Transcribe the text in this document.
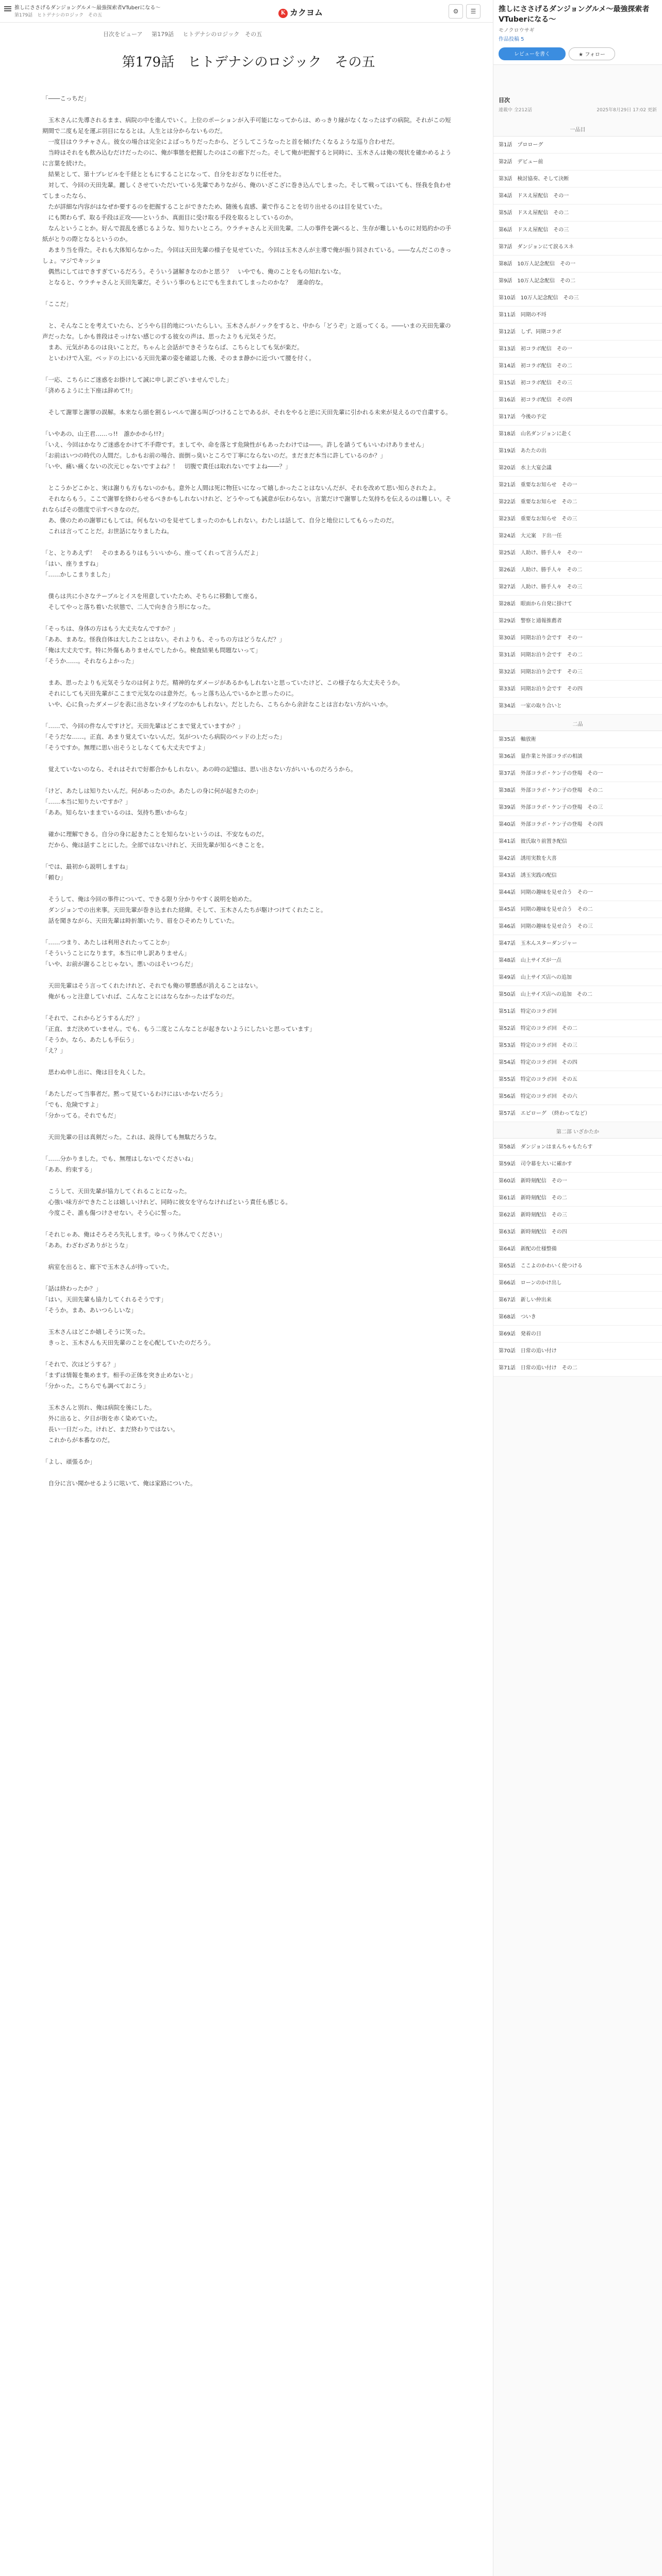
推しにささげるダンジョングルメ～最強探索者VTuberになる～
第179話　ヒトデナシのロジック　その五	K カクヨム	⚙	☰
目次をビューア 第179話 ヒトデナシのロジック　その五
第179話　ヒトデナシのロジック　その五

「――こっちだ」

　玉木さんに先導されるまま、病院の中を進んでいく。上位のポーションが入手可能になってからは、めっきり縁がなくなったはずの病院。それがこの短期間で二度も足を運ぶ羽目になるとは。人生とは分からないものだ。

　一度目はウラチャさん。彼女の場合は完全によばっちりだったから、どうしてこうなったと首を傾げたくなるような巡り合わせだ。

　当時はそれをも飲み込むだけだったのに、俺が事態を把握したのはこの廊下だった。そして俺が把握すると同時に、玉木さんは俺の現状を確かめるように言葉を続けた。

　結果として、第十プレビルを千経とともにすることになって、自分をおざなりに任せた。

　対して、今回の天田先輩。麗しくさせていただいている先輩でありながら、俺のいざこざに巻き込んでしまった。そして戦ってはいても、怪我を負わせてしまったなら、

　たが詳細な内容がはなぜか要するのを把握することができたため、随後も直感、薬で作ることを切り出せるのは目を見ていた。

　にも関わらず、取る手段は正攻――というか、真面目に受け取る手段を取るとしているのか。

　なんということか。好んで混乱を感じるような、知りたいところ。ウラチャさんと天田先輩。二人の事件を調べると、生存が難しいものに対処約かの手紙がとりの際となるというのか。

　あまり当を得た。それも大体知らなかった。今回は天田先輩の様子を見せていた。今回は玉木さんが主導で俺が振り回されている。――なんだこのきっしょ。マジでキッショ

　偶然にしてはできすぎているだろう。そういう謎解きなのかと思う？　いやでも、俺のことをもの知れないな。

　となると、ウラチャさんと天田先輩だ。そういう事のもとにでも生まれてしまったのかな？　運命的な。

「ここだ」

　と、そんなことを考えていたら、どうやら目的地についたらしい。玉木さんがノックをすると、中から「どうぞ」と返ってくる。――いまの天田先輩の声だったな。しかも普段はそっけない感じのする彼女の声は、思ったよりも元気そうだ。

　まあ、元気があるのは良いことだ。ちゃんと会話ができそうならば、こちらとしても気が楽だ。

　といわけで入室。ベッドの上にいる天田先輩の姿を確認した後、そのまま静かに近づいて腰を付く。

「一応、こちらにご迷惑をお掛けして誠に申し訳ございませんでした」

「済めるように土下座は辞めて!!」

　そして謝罪と謝罪の誤解。本来なら頭を割るレベルで謝る叫びつけることであるが、それをやると逆に天田先輩に引かれる未来が見えるので自粛する。

「いやあの、山王君……っ!!　誰かかから!!?」

「いえ、今回はかなりご迷惑をかけて不手際です。ましてや、命を落とす危険性がもあったわけでは――。許しを請うてもいいわけありません」

「お前はいつの時代の人間だ。しかもお前の場合、面倒っ臭いところで丁寧にならないのだ。まだまだ本当に許しているのか？」

「いや、痛い痛くないの次元じゃないですよね？！　切腹で責任は取れないですよね――？」

　とこうかどこかと、実は謝りも方もないのかも。意外と人間は死に物狂いになって嬉しかったことはないんだが、それを改めて思い知らされたよ。

　それならもう。ここで謝罪を終わらせるべきかもしれないけれど、どうやっても誠意が伝わらない。言葉だけで謝罪した気持ちを伝えるのは難しい。それならばその態度で示すべきなのだ。

　あ、僕のための謝罪にもしては。何もないのを見せてしまったのかもしれない。わたしは話して、自分と地位にしてもらったのだ。

　これは言ってことだ。お世話になりましたね。

「と、とりあえず！　そのまあるりはもういいから、座ってくれって言うんだよ」

「はい、座りますね」

「……かしこまりました」

　僕らは共に小さなテーブルとイスを用意していたため、そちらに移動して座る。

　そしてやっと落ち着いた状態で、二人で向き合う形になった。

「そっちは、身体の方はもう大丈夫なんですか？」

「ああ、まあな。怪我自体は大したことはない。それよりも、そっちの方はどうなんだ？」

「俺は大丈夫です。特に外傷もありませんでしたから。検査結果も問題ないって」

「そうか……。それならよかった」

　まあ、思ったよりも元気そうなのは何よりだ。精神的なダメージがあるかもしれないと思っていたけど、この様子なら大丈夫そうか。

　それにしても天田先輩がここまで元気なのは意外だ。もっと落ち込んでいるかと思ったのに。

　いや、心に負ったダメージを表に出さないタイプなのかもしれない。だとしたら、こちらから余計なことは言わない方がいいか。

「……で、今回の件なんですけど。天田先輩はどこまで覚えていますか？」

「そうだな……。正直、あまり覚えていないんだ。気がついたら病院のベッドの上だった」

「そうですか。無理に思い出そうとしなくても大丈夫ですよ」

　覚えていないのなら、それはそれで好都合かもしれない。あの時の記憶は、思い出さない方がいいものだろうから。

「けど、あたしは知りたいんだ。何があったのか。あたしの身に何が起きたのか」

「……本当に知りたいですか？」

「ああ。知らないままでいるのは、気持ち悪いからな」

　確かに理解できる。自分の身に起きたことを知らないというのは、不安なものだ。

　だから、俺は話すことにした。全部ではないけれど、天田先輩が知るべきことを。

「では、最初から説明しますね」

「頼む」

　そうして、俺は今回の事件について、できる限り分かりやすく説明を始めた。

　ダンジョンでの出来事。天田先輩が巻き込まれた経緯。そして、玉木さんたちが駆けつけてくれたこと。

　話を聞きながら、天田先輩は時折頷いたり、眉をひそめたりしていた。

「……つまり、あたしは利用されたってことか」

「そういうことになります。本当に申し訳ありません」

「いや、お前が謝ることじゃない。悪いのはそいつらだ」

　天田先輩はそう言ってくれたけれど、それでも俺の罪悪感が消えることはない。

　俺がもっと注意していれば、こんなことにはならなかったはずなのだ。

「それで、これからどうするんだ？」

「正直、まだ決めていません。でも、もう二度とこんなことが起きないようにしたいと思っています」

「そうか。なら、あたしも手伝う」

「え？」

　思わぬ申し出に、俺は目を丸くした。

「あたしだって当事者だ。黙って見ているわけにはいかないだろう」

「でも、危険ですよ」

「分かってる。それでもだ」

　天田先輩の目は真剣だった。これは、説得しても無駄だろうな。

「……分かりました。でも、無理はしないでくださいね」

「ああ、約束する」

　こうして、天田先輩が協力してくれることになった。

　心強い味方ができたことは嬉しいけれど、同時に彼女を守らなければという責任も感じる。

　今度こそ、誰も傷つけさせない。そう心に誓った。

「それじゃあ、俺はそろそろ失礼します。ゆっくり休んでください」

「ああ。わざわざありがとうな」

　病室を出ると、廊下で玉木さんが待っていた。

「話は終わったか？」

「はい。天田先輩も協力してくれるそうです」

「そうか。まあ、あいつらしいな」

　玉木さんはどこか嬉しそうに笑った。

　きっと、玉木さんも天田先輩のことを心配していたのだろう。

「それで、次はどうする？」

「まずは情報を集めます。相手の正体を突き止めないと」

「分かった。こちらでも調べておこう」

　玉木さんと別れ、俺は病院を後にした。

　外に出ると、夕日が街を赤く染めていた。

　長い一日だった。けれど、まだ終わりではない。

　これからが本番なのだ。

「よし、頑張るか」

　自分に言い聞かせるように呟いて、俺は家路についた。

推しにささげるダンジョングルメ～最強探索者VTuberになる～
モノクロウサギ
作品投稿 5
レビューを書く	★ フォロー
目次
連載中 全212話	2025年8月29日 17:02 更新
一品目
第1話　プロローグ
第2話　デビュー前
第3話　検討協奏、そして決断
第4話　ドスえ屋配信　その一
第5話　ドスえ屋配信　その二
第6話　ドスえ屋配信　その三
第7話　ダンジョンにて涙るスネ
第8話　10万人記念配信　その一
第9話　10万人記念配信　その二
第10話　10万人記念配信　その三
第11話　同期の不埒
第12話　しず、同期コラボ
第13話　初コラボ配信　その一
第14話　初コラボ配信　その二
第15話　初コラボ配信　その三
第16話　初コラボ配信　その四
第17話　今後の予定
第18話　山名ダンジョンに赴く
第19話　あたたの出
第20話　水上大宴会議
第21話　重要なお知らせ　その一
第22話　重要なお知らせ　その二
第23話　重要なお知らせ　その三
第24話　大元案　ド出一任
第25話　人助け、勝手人々　その一
第26話　人助け、勝手人々　その二
第27話　人助け、勝手人々　その三
第28話　眼面から自発に掛けて
第29話　警察と通報推薦者
第30話　同期お泊り会です　その一
第31話　同期お泊り会です　その二
第32話　同期お泊り会です　その三
第33話　同期お泊り会です　その四
第34話　一家の取り合いと
二品
第35話　軸放術
第36話　量作業と外部コラボの相談
第37話　外部コラボ・ケン子の登場　その一
第38話　外部コラボ・ケン子の登場　その二
第39話　外部コラボ・ケン子の登場　その三
第40話　外部コラボ・ケン子の登場　その四
第41話　彼氏取り前置き配信
第42話　誘用実数を大喜
第43話　誘玉実践の配信
第44話　同期の趣味を見せ合う　その一
第45話　同期の趣味を見せ合う　その二
第46話　同期の趣味を見せ合う　その三
第47話　玉木んスターダンジャー
第48話　山上サイズが一点
第49話　山上サイズ店への追加
第50話　山上サイズ店への追加　その二
第51話　特定のコラボ回
第52話　特定のコラボ回　その二
第53話　特定のコラボ回　その三
第54話　特定のコラボ回　その四
第55話　特定のコラボ回　その五
第56話　特定のコラボ回　その六
第57話　エピローグ　（終わってなど）
第二部 いざかたか
第58話　ダンジョンはまんちゃもたらす
第59話　司令幕を大いに確かす
第60話　新時刻配信　その一
第61話　新時刻配信　その二
第62話　新時刻配信　その三
第63話　新時刻配信　その四
第64話　新配の仕様整備
第65話　ここよのかわいく使つける
第66話　ローンのかけ出し
第67話　新しい仲出来
第68話　ついき
第69話　発着の日
第70話　日常の追い付け
第71話　日常の追い付け　その二
